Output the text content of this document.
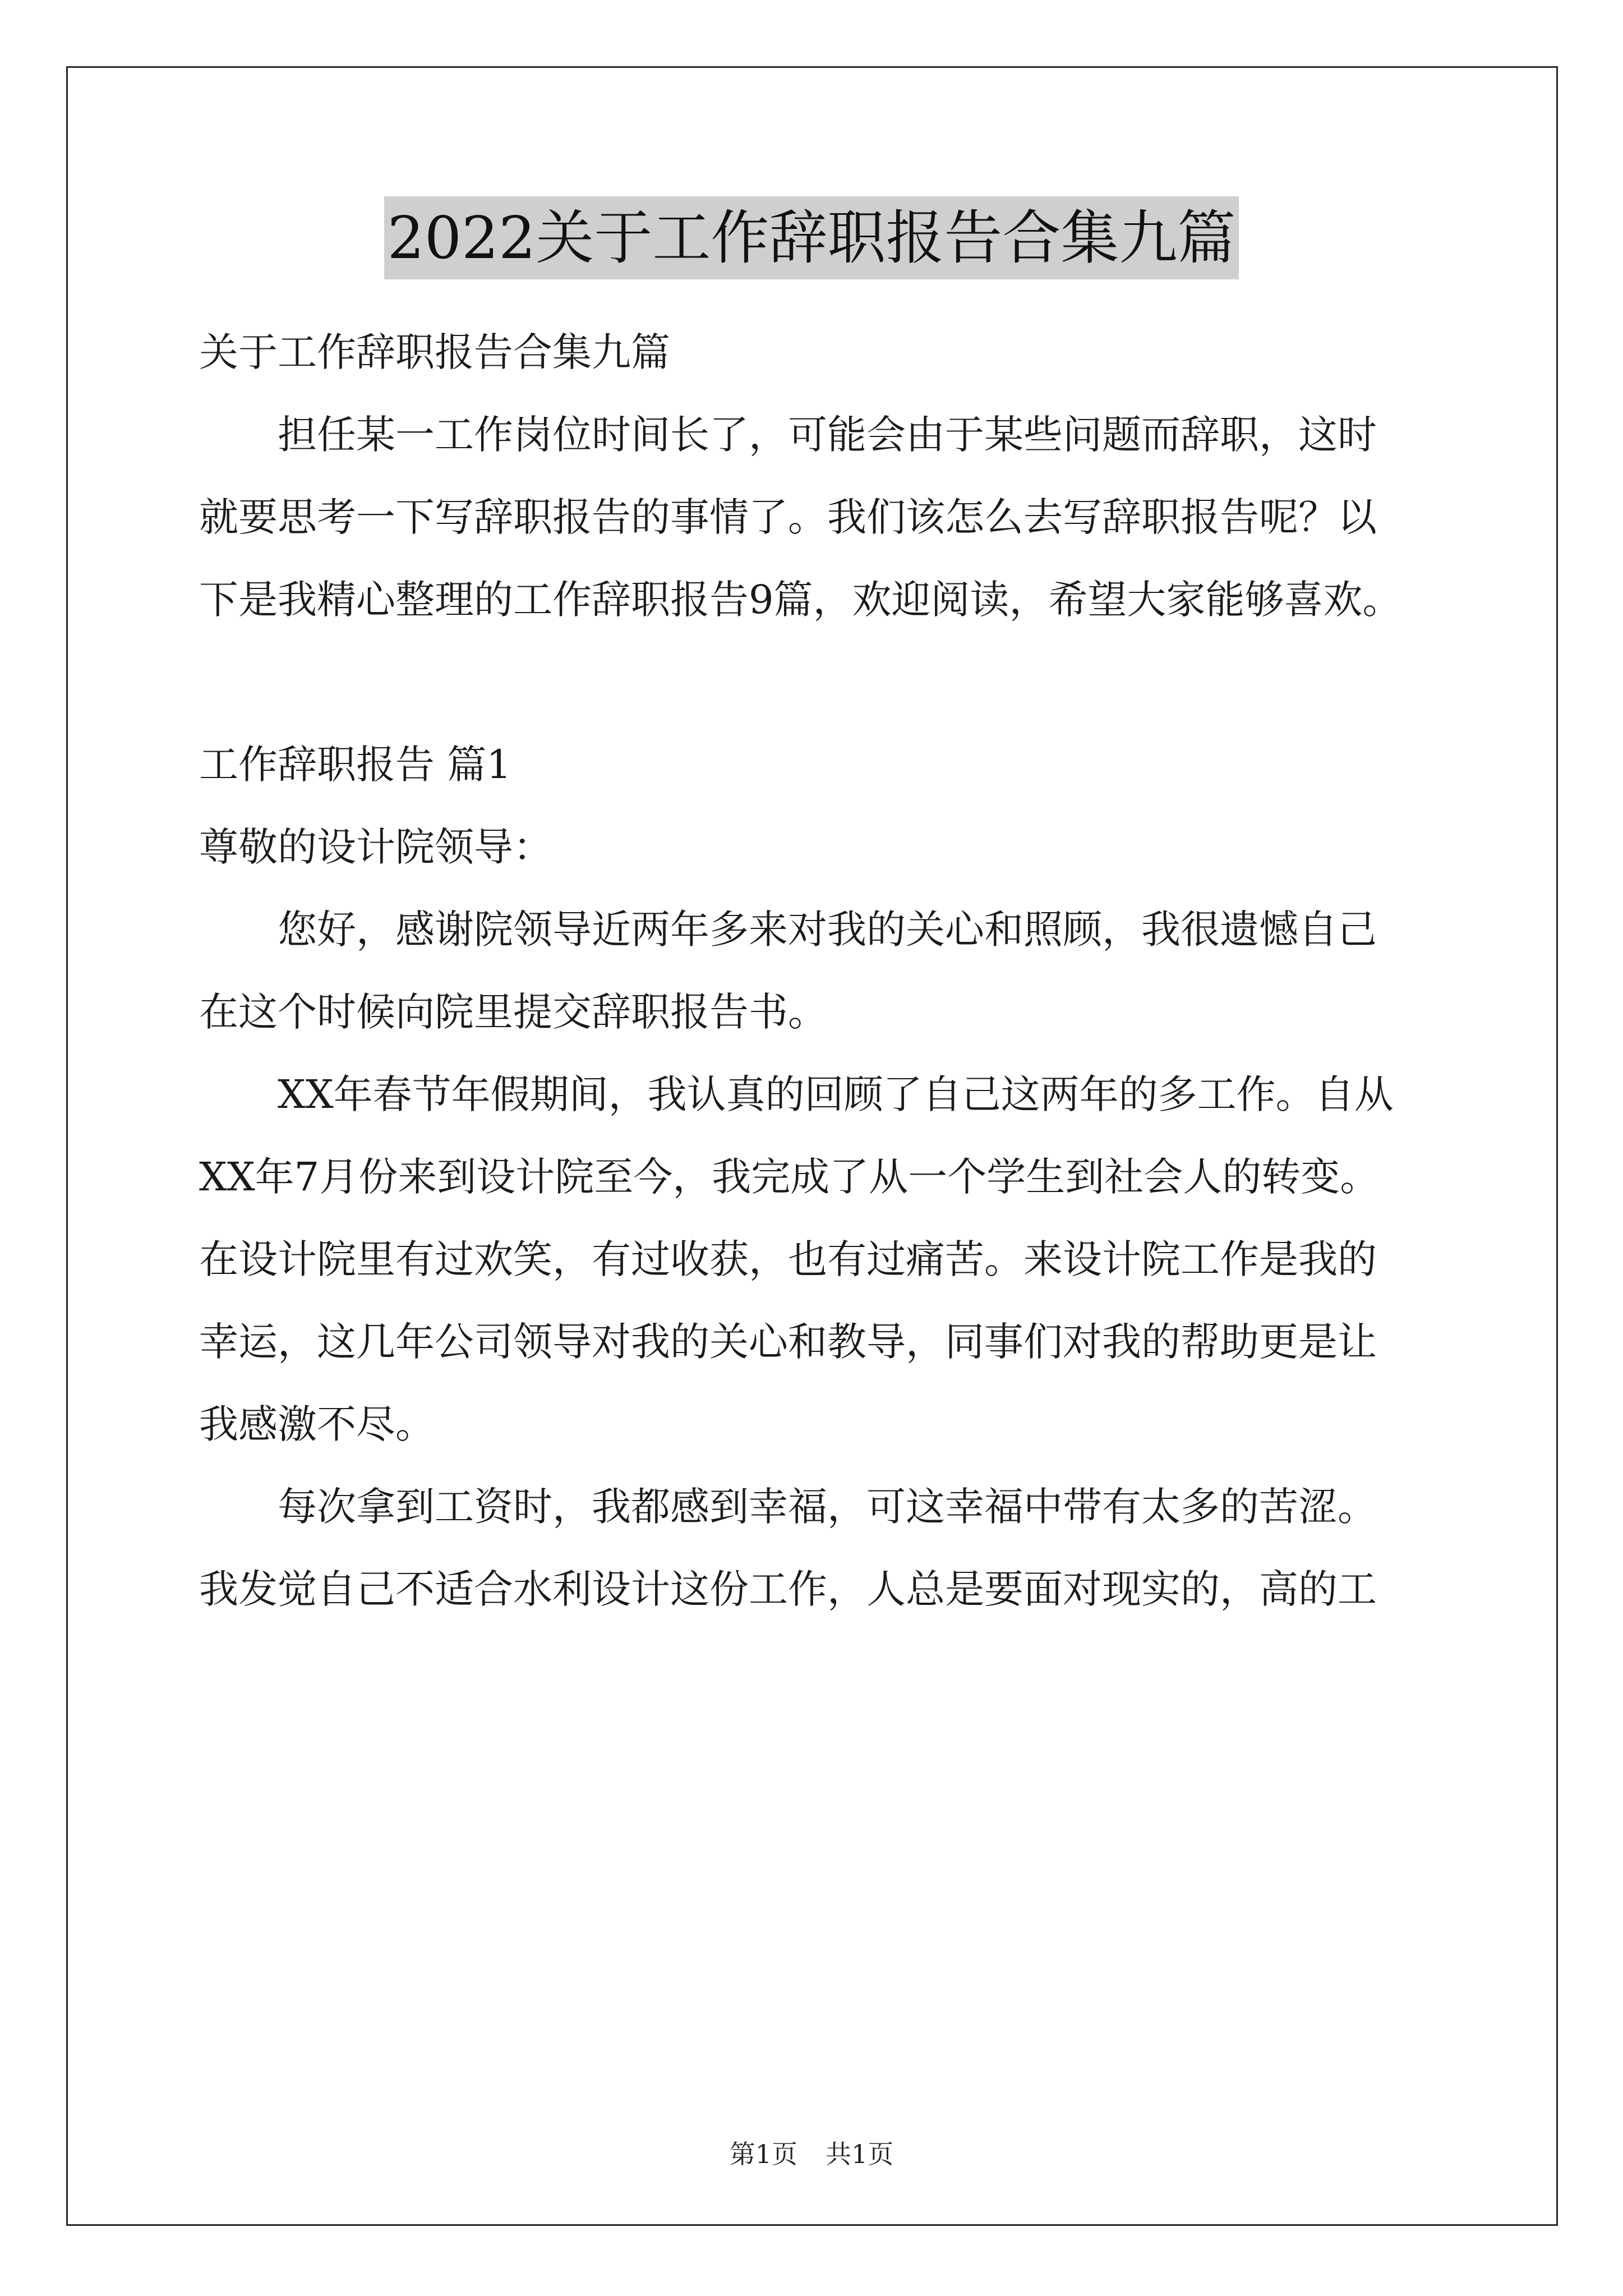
2022关于工作辞职报告合集九篇
关于工作辞职报告合集九篇
担任某一工作岗位时间长了，可能会由于某些问题而辞职，这时
就要思考一下写辞职报告的事情了。我们该怎么去写辞职报告呢？以
下是我精心整理的工作辞职报告9篇，欢迎阅读，希望大家能够喜欢。
工作辞职报告 篇1
尊敬的设计院领导：
您好，感谢院领导近两年多来对我的关心和照顾，我很遗憾自己
在这个时候向院里提交辞职报告书。
XX年春节年假期间，我认真的回顾了自己这两年的多工作。自从
XX年7月份来到设计院至今，我完成了从一个学生到社会人的转变。
在设计院里有过欢笑，有过收获，也有过痛苦。来设计院工作是我的
幸运，这几年公司领导对我的关心和教导，同事们对我的帮助更是让
我感激不尽。
每次拿到工资时，我都感到幸福，可这幸福中带有太多的苦涩。
我发觉自己不适合水利设计这份工作，人总是要面对现实的，高的工
第1页 共1页
